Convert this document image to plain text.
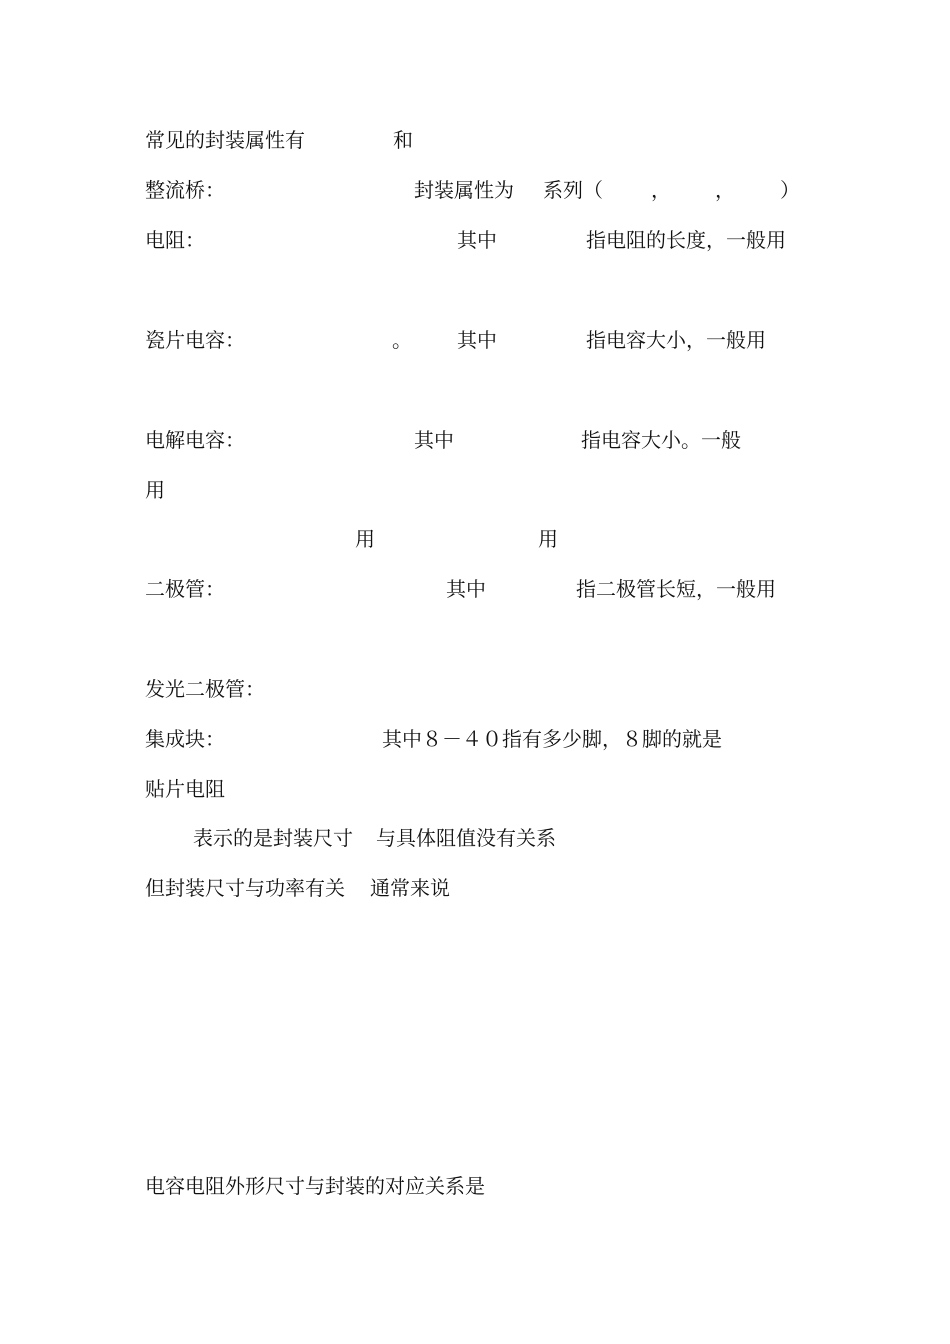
常见的封装属性有	和
整流桥：	封装属性为 系列（ ， ， ）
电阻：	其中	指电阻的长度，一般用
瓷片电容：	。 其中	指电容大小，一般用
电解电容：	其中	指电容大小。一般
用
用	用
二极管：	其中	指二极管长短，一般用
发光二极管：
集成块：	其中８－４０指有多少脚，８脚的就是
贴片电阻
表示的是封装尺寸 与具体阻值没有关系
但封装尺寸与功率有关 通常来说
电容电阻外形尺寸与封装的对应关系是
